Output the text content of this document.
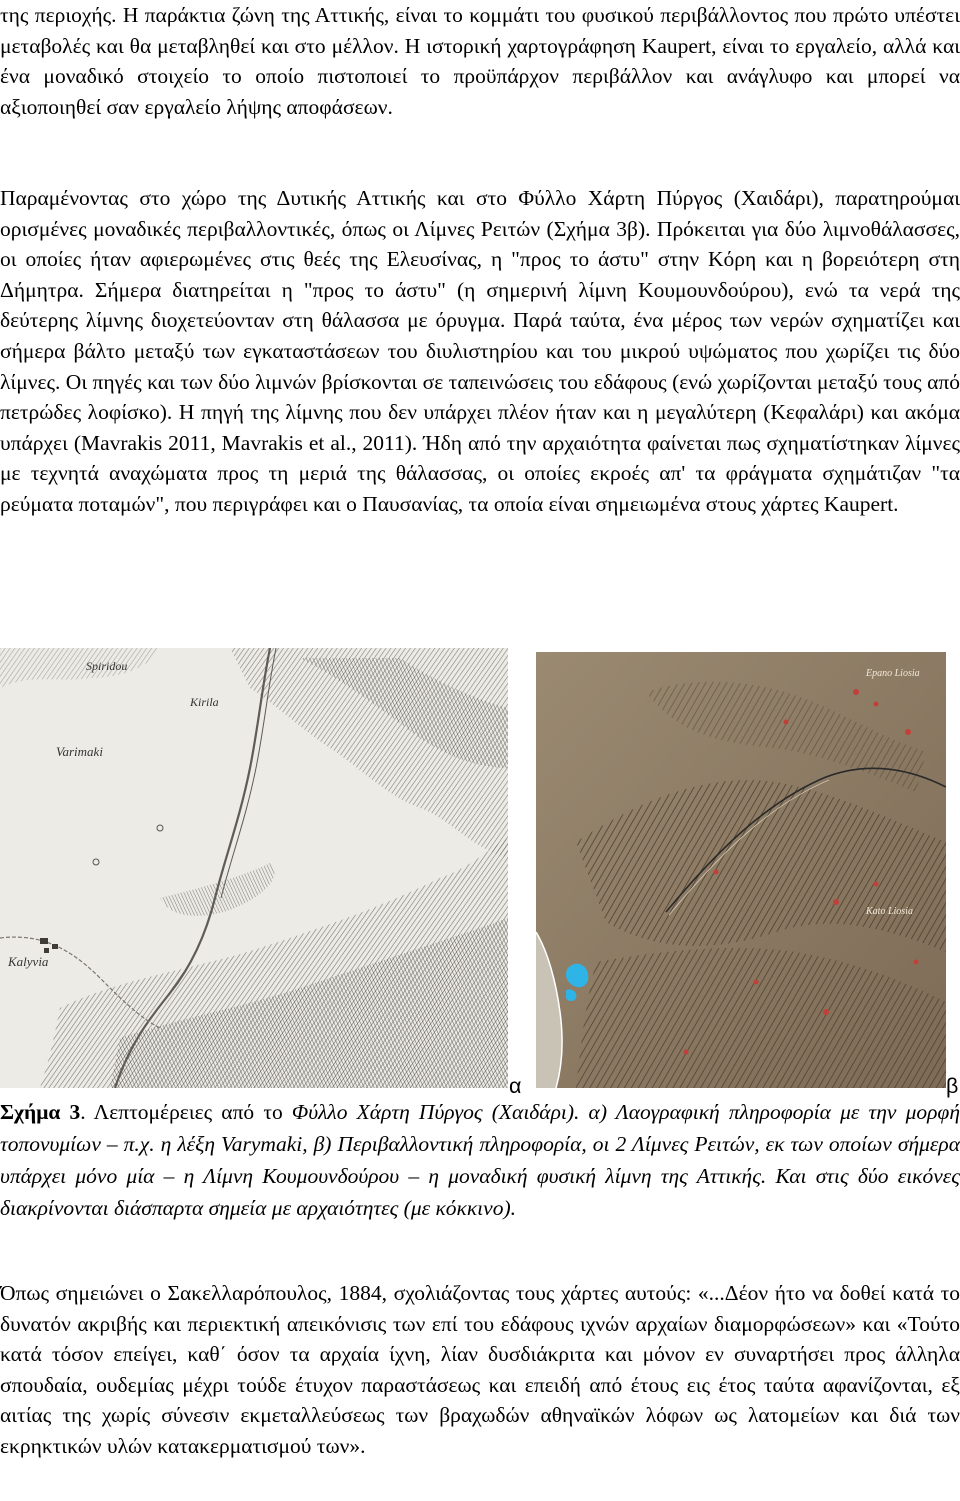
της περιοχής. Η παράκτια ζώνη της Αττικής, είναι το κομμάτι του φυσικού περιβάλλοντος που πρώτο υπέστει μεταβολές και θα μεταβληθεί και στο μέλλον. Η ιστορική χαρτογράφηση Kaupert, είναι το εργαλείο, αλλά και ένα μοναδικό στοιχείο το οποίο πιστοποιεί το προϋπάρχον περιβάλλον και ανάγλυφο και μπορεί να αξιοποιηθεί σαν εργαλείο λήψης αποφάσεων.

Παραμένοντας στο χώρο της Δυτικής Αττικής και στο Φύλλο Χάρτη Πύργος (Χαιδάρι), παρατηρούμαι ορισμένες μοναδικές περιβαλλοντικές, όπως οι Λίμνες Ρειτών (Σχήμα 3β). Πρόκειται για δύο λιμνοθάλασσες, οι οποίες ήταν αφιερωμένες στις θεές της Ελευσίνας, η "προς το άστυ" στην Κόρη και η βορειότερη στη Δήμητρα. Σήμερα διατηρείται η "προς το άστυ" (η σημερινή λίμνη Κουμουνδούρου), ενώ τα νερά της δεύτερης λίμνης διοχετεύονταν στη θάλασσα με όρυγμα. Παρά ταύτα, ένα μέρος των νερών σχηματίζει και σήμερα βάλτο μεταξύ των εγκαταστάσεων του διυλιστηρίου και του μικρού υψώματος που χωρίζει τις δύο λίμνες. Οι πηγές και των δύο λιμνών βρίσκονται σε ταπεινώσεις του εδάφους (ενώ χωρίζονται μεταξύ τους από πετρώδες λοφίσκο). Η πηγή της λίμνης που δεν υπάρχει πλέον ήταν και η μεγαλύτερη (Κεφαλάρι) και ακόμα υπάρχει (Mavrakis 2011, Mavrakis et al., 2011). Ήδη από την αρχαιότητα φαίνεται πως σχηματίστηκαν λίμνες με τεχνητά αναχώματα προς τη μεριά της θάλασσας, οι οποίες εκροές απ' τα φράγματα σχημάτιζαν "τα ρεύματα ποταμών", που περιγράφει και ο Παυσανίας, τα οποία είναι σημειωμένα στους χάρτες Kaupert.

Kalyvia
Varimaki
Kirila
Spiridou
Epano Liosia
Kato Liosia
α	β

Σχήμα 3. Λεπτομέρειες από το Φύλλο Χάρτη Πύργος (Χαιδάρι). α) Λαογραφική πληροφορία με την μορφή τοπονυμίων – π.χ. η λέξη Varymaki, β) Περιβαλλοντική πληροφορία, οι 2 Λίμνες Ρειτών, εκ των οποίων σήμερα υπάρχει μόνο μία – η Λίμνη Κουμουνδούρου – η μοναδική φυσική λίμνη της Αττικής. Και στις δύο εικόνες διακρίνονται διάσπαρτα σημεία με αρχαιότητες (με κόκκινο).

Όπως σημειώνει ο Σακελλαρόπουλος, 1884, σχολιάζοντας τους χάρτες αυτούς: «...Δέον ήτο να δοθεί κατά το δυνατόν ακριβής και περιεκτική απεικόνισις των επί του εδάφους ιχνών αρχαίων διαμορφώσεων» και «Τούτο κατά τόσον επείγει, καθ΄ όσον τα αρχαία ίχνη, λίαν δυσδιάκριτα και μόνον εν συναρτήσει προς άλληλα σπουδαία, ουδεμίας μέχρι τούδε έτυχον παραστάσεως και επειδή από έτους εις έτος ταύτα αφανίζονται, εξ αιτίας της χωρίς σύνεσιν εκμεταλλεύσεως των βραχωδών αθηναϊκών λόφων ως λατομείων και διά των εκρηκτικών υλών κατακερματισμού των».
